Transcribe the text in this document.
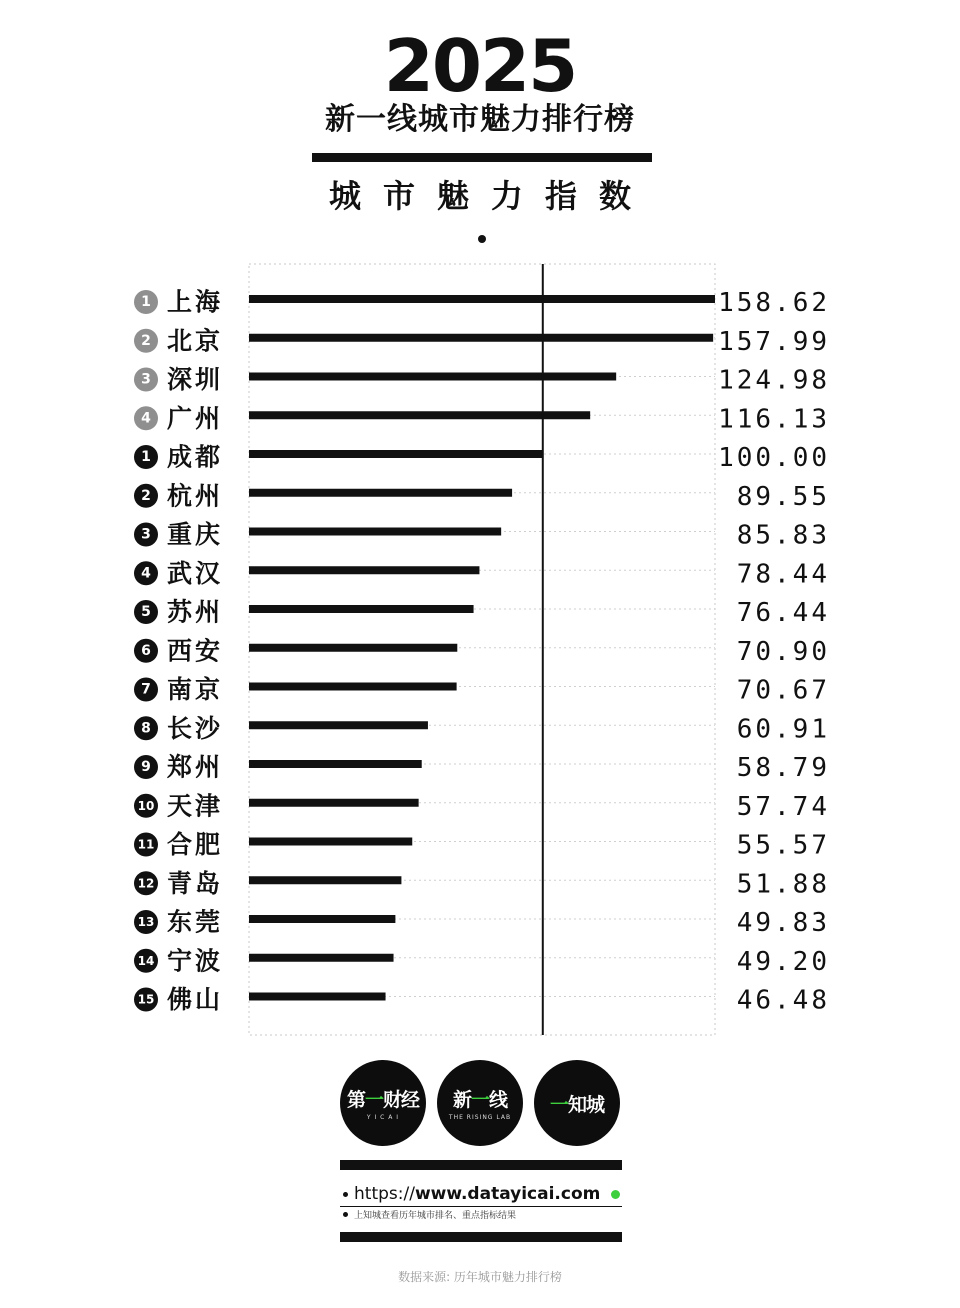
2025
新一线城市魅力排行榜
城市魅力指数
1 上海	158.62
2 北京	157.99
3 深圳	124.98
4 广州	116.13
1 成都	100.00
2 杭州	89.55
3 重庆	85.83
4 武汉	78.44
5 苏州	76.44
6 西安	70.90
7 南京	70.67
8 长沙	60.91
9 郑州	58.79
10 天津	57.74
11 合肥	55.57
12 青岛	51.88
13 东莞	49.83
14 宁波	49.20
15 佛山	46.48
第一财经
Y I C A I
新一线
THE RISING LAB
一知城
https://www.datayicai.com
上知城查看历年城市排名、重点指标结果
数据来源: 历年城市魅力排行榜
